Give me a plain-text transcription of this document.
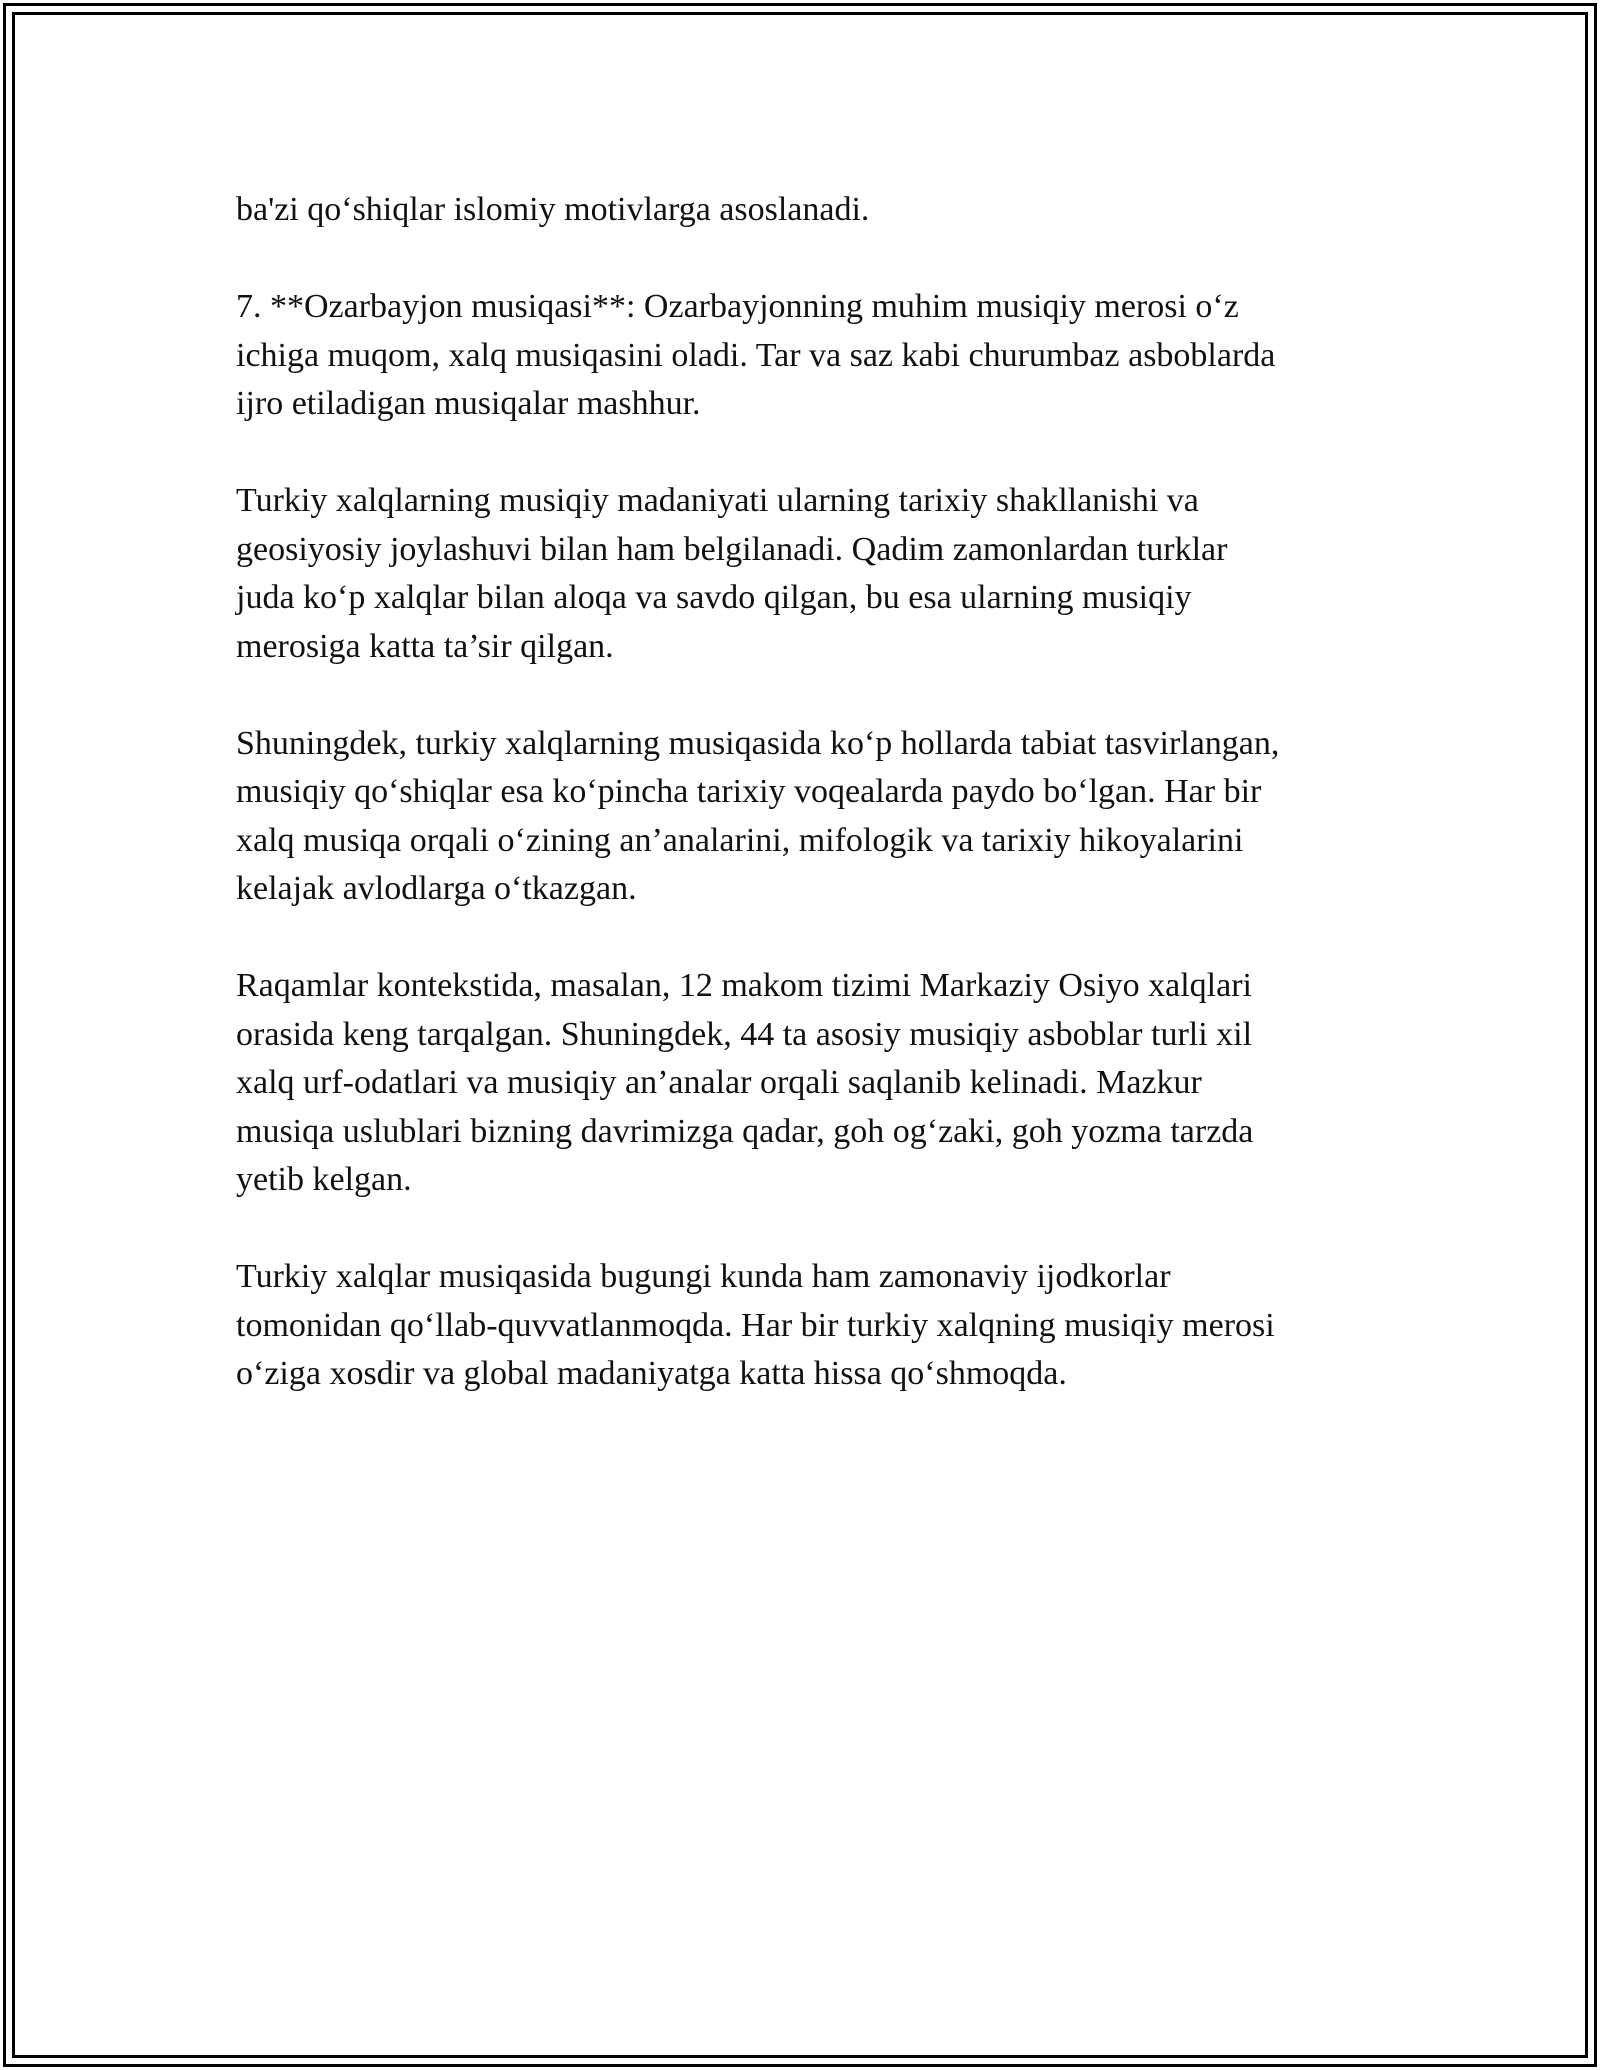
ba'zi qo‘shiqlar islomiy motivlarga asoslanadi.

7. **Ozarbayjon musiqasi**: Ozarbayjonning muhim musiqiy merosi o‘z
ichiga muqom, xalq musiqasini oladi. Tar va saz kabi churumbaz asboblarda
ijro etiladigan musiqalar mashhur.

Turkiy xalqlarning musiqiy madaniyati ularning tarixiy shakllanishi va
geosiyosiy joylashuvi bilan ham belgilanadi. Qadim zamonlardan turklar
juda ko‘p xalqlar bilan aloqa va savdo qilgan, bu esa ularning musiqiy
merosiga katta ta’sir qilgan.

Shuningdek, turkiy xalqlarning musiqasida ko‘p hollarda tabiat tasvirlangan,
musiqiy qo‘shiqlar esa ko‘pincha tarixiy voqealarda paydo bo‘lgan. Har bir
xalq musiqa orqali o‘zining an’analarini, mifologik va tarixiy hikoyalarini
kelajak avlodlarga o‘tkazgan.

Raqamlar kontekstida, masalan, 12 makom tizimi Markaziy Osiyo xalqlari
orasida keng tarqalgan. Shuningdek, 44 ta asosiy musiqiy asboblar turli xil
xalq urf-odatlari va musiqiy an’analar orqali saqlanib kelinadi. Mazkur
musiqa uslublari bizning davrimizga qadar, goh og‘zaki, goh yozma tarzda
yetib kelgan.

Turkiy xalqlar musiqasida bugungi kunda ham zamonaviy ijodkorlar
tomonidan qo‘llab-quvvatlanmoqda. Har bir turkiy xalqning musiqiy merosi
o‘ziga xosdir va global madaniyatga katta hissa qo‘shmoqda.
